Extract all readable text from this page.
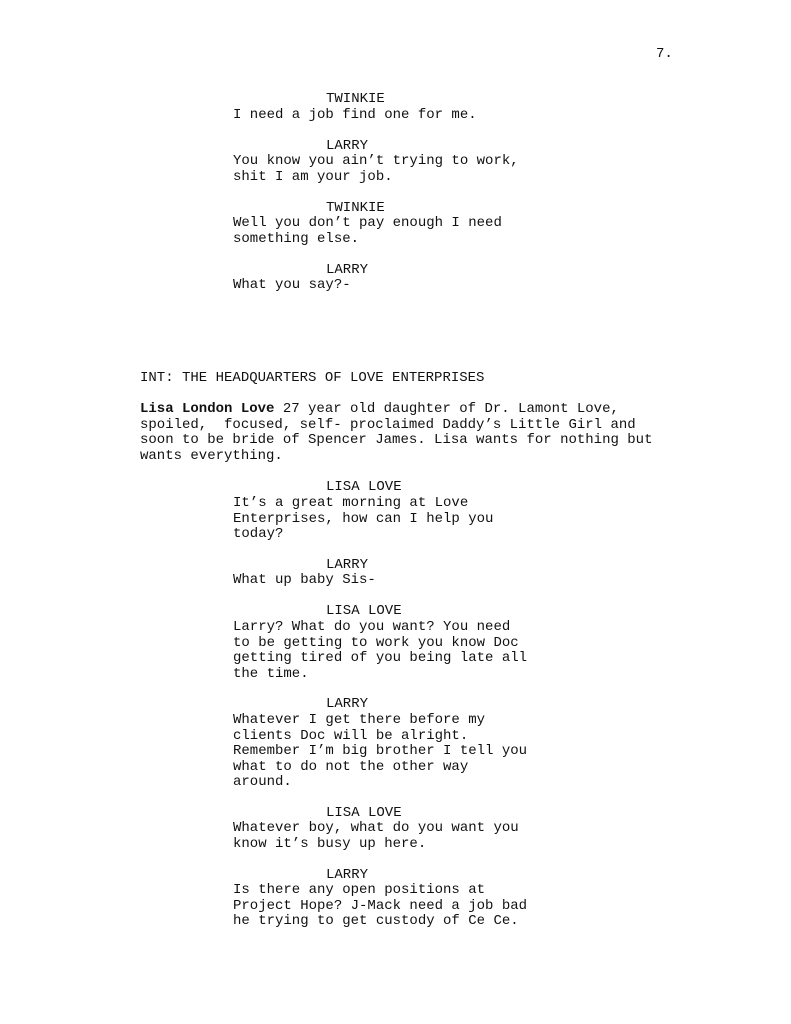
7.
TWINKIE
I need a job find one for me.
LARRY
You know you ain’t trying to work,
shit I am your job.
TWINKIE
Well you don’t pay enough I need
something else.
LARRY
What you say?-
INT: THE HEADQUARTERS OF LOVE ENTERPRISES
Lisa London Love 27 year old daughter of Dr. Lamont Love,
spoiled,  focused, self- proclaimed Daddy’s Little Girl and
soon to be bride of Spencer James. Lisa wants for nothing but
wants everything.
LISA LOVE
It’s a great morning at Love
Enterprises, how can I help you
today?
LARRY
What up baby Sis-
LISA LOVE
Larry? What do you want? You need
to be getting to work you know Doc
getting tired of you being late all
the time.
LARRY
Whatever I get there before my
clients Doc will be alright.
Remember I’m big brother I tell you
what to do not the other way
around.
LISA LOVE
Whatever boy, what do you want you
know it’s busy up here.
LARRY
Is there any open positions at
Project Hope? J-Mack need a job bad
he trying to get custody of Ce Ce.
